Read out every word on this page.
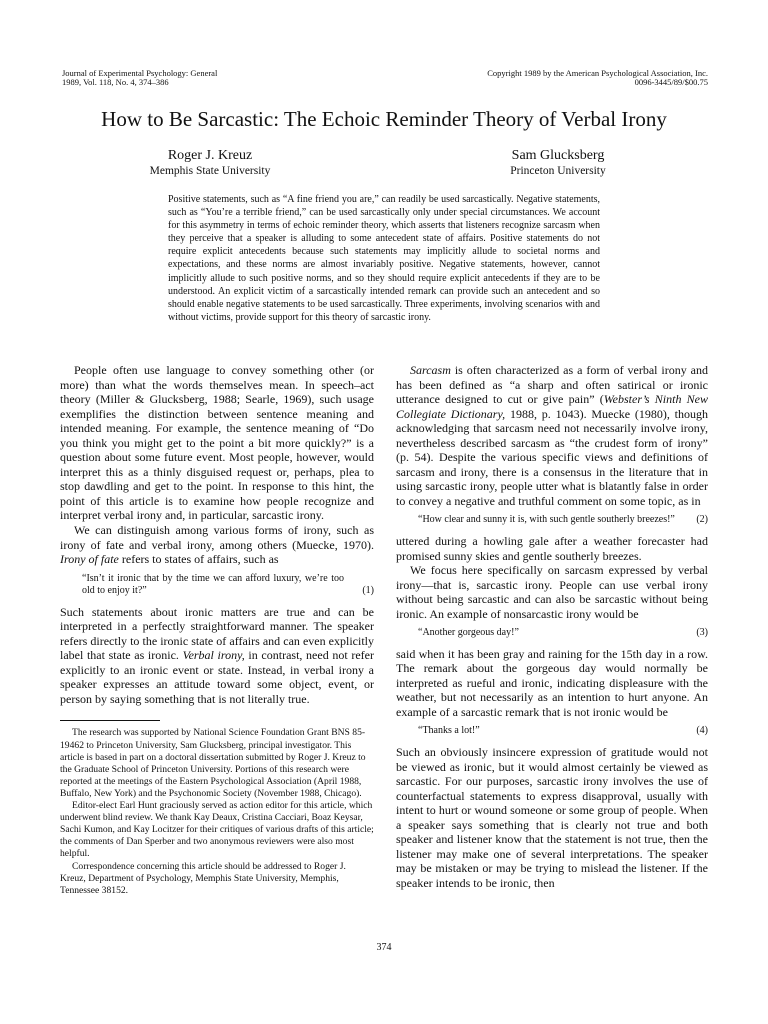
Journal of Experimental Psychology: General
1989, Vol. 118, No. 4, 374–386
Copyright 1989 by the American Psychological Association, Inc.
0096-3445/89/$00.75
How to Be Sarcastic: The Echoic Reminder Theory of Verbal Irony
Roger J. Kreuz
Memphis State University
Sam Glucksberg
Princeton University

Positive statements, such as “A fine friend you are,” can readily be used sarcastically. Negative statements, such as “You’re a terrible friend,” can be used sarcastically only under special circumstances. We account for this asymmetry in terms of echoic reminder theory, which asserts that listeners recognize sarcasm when they perceive that a speaker is alluding to some antecedent state of affairs. Positive statements do not require explicit antecedents because such statements may implicitly allude to societal norms and expectations, and these norms are almost invariably positive. Negative statements, however, cannot implicitly allude to such positive norms, and so they should require explicit antecedents if they are to be understood. An explicit victim of a sarcastically intended remark can provide such an antecedent and so should enable negative statements to be used sarcastically. Three experiments, involving scenarios with and without victims, provide support for this theory of sarcastic irony.

People often use language to convey something other (or more) than what the words themselves mean. In speech–act theory (Miller & Glucksberg, 1988; Searle, 1969), such usage exemplifies the distinction between sentence meaning and intended meaning. For example, the sentence meaning of “Do you think you might get to the point a bit more quickly?” is a question about some future event. Most people, however, would interpret this as a thinly disguised request or, perhaps, plea to stop dawdling and get to the point. In response to this hint, the point of this article is to examine how people recognize and interpret verbal irony and, in particular, sarcastic irony.

We can distinguish among various forms of irony, such as irony of fate and verbal irony, among others (Muecke, 1970). Irony of fate refers to states of affairs, such as

“Isn’t it ironic that by the time we can afford luxury, we’re too old to enjoy it?”	(1)

Such statements about ironic matters are true and can be interpreted in a perfectly straightforward manner. The speaker refers directly to the ironic state of affairs and can even explicitly label that state as ironic. Verbal irony, in contrast, need not refer explicitly to an ironic event or state. Instead, in verbal irony a speaker expresses an attitude toward some object, event, or person by saying something that is not literally true.

The research was supported by National Science Foundation Grant BNS 85-19462 to Princeton University, Sam Glucksberg, principal investigator. This article is based in part on a doctoral dissertation submitted by Roger J. Kreuz to the Graduate School of Princeton University. Portions of this research were reported at the meetings of the Eastern Psychological Association (April 1988, Buffalo, New York) and the Psychonomic Society (November 1988, Chicago).

Editor-elect Earl Hunt graciously served as action editor for this article, which underwent blind review. We thank Kay Deaux, Cristina Cacciari, Boaz Keysar, Sachi Kumon, and Kay Locitzer for their critiques of various drafts of this article; the comments of Dan Sperber and two anonymous reviewers were also most helpful.

Correspondence concerning this article should be addressed to Roger J. Kreuz, Department of Psychology, Memphis State University, Memphis, Tennessee 38152.

Sarcasm is often characterized as a form of verbal irony and has been defined as “a sharp and often satirical or ironic utterance designed to cut or give pain” (Webster’s Ninth New Collegiate Dictionary, 1988, p. 1043). Muecke (1980), though acknowledging that sarcasm need not necessarily involve irony, nevertheless described sarcasm as “the crudest form of irony” (p. 54). Despite the various specific views and definitions of sarcasm and irony, there is a consensus in the literature that in using sarcastic irony, people utter what is blatantly false in order to convey a negative and truthful comment on some topic, as in

“How clear and sunny it is, with such gentle southerly breezes!”	(2)

uttered during a howling gale after a weather forecaster had promised sunny skies and gentle southerly breezes.

We focus here specifically on sarcasm expressed by verbal irony—that is, sarcastic irony. People can use verbal irony without being sarcastic and can also be sarcastic without being ironic. An example of nonsarcastic irony would be

“Another gorgeous day!”	(3)

said when it has been gray and raining for the 15th day in a row. The remark about the gorgeous day would normally be interpreted as rueful and ironic, indicating displeasure with the weather, but not necessarily as an intention to hurt anyone. An example of a sarcastic remark that is not ironic would be

“Thanks a lot!”	(4)

Such an obviously insincere expression of gratitude would not be viewed as ironic, but it would almost certainly be viewed as sarcastic. For our purposes, sarcastic irony involves the use of counterfactual statements to express disapproval, usually with intent to hurt or wound someone or some group of people. When a speaker says something that is clearly not true and both speaker and listener know that the statement is not true, then the listener may make one of several interpretations. The speaker may be mistaken or may be trying to mislead the listener. If the speaker intends to be ironic, then

374
